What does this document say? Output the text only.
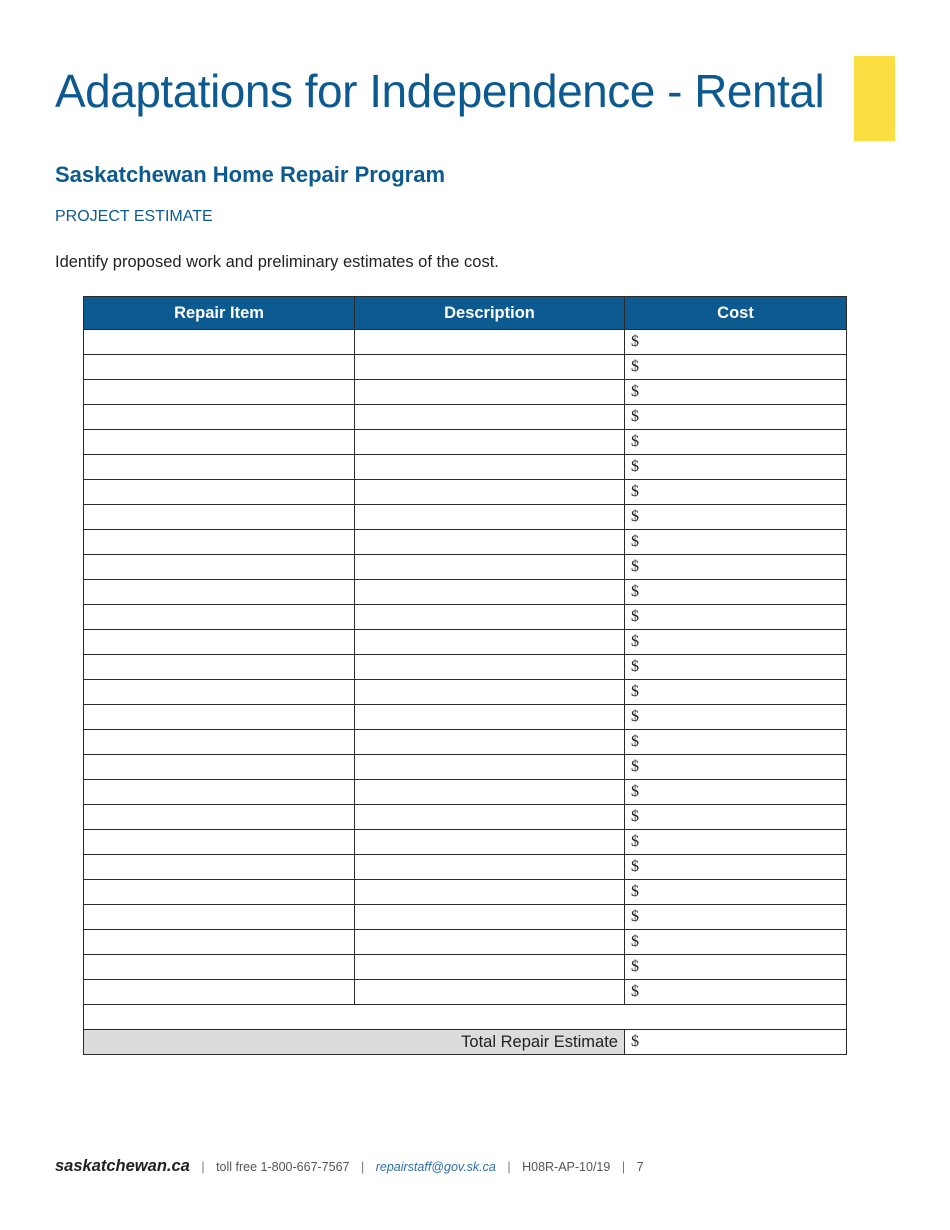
Adaptations for Independence - Rental
Saskatchewan Home Repair Program
PROJECT ESTIMATE
Identify proposed work and preliminary estimates of the cost.
Repair Item	Description	Cost
		$
		$
		$
		$
		$
		$
		$
		$
		$
		$
		$
		$
		$
		$
		$
		$
		$
		$
		$
		$
		$
		$
		$
		$
		$
		$
		$

Total Repair Estimate		$
saskatchewan.ca | toll free 1-800-667-7567 | repairstaff@gov.sk.ca | H08R-AP-10/19 | 7
